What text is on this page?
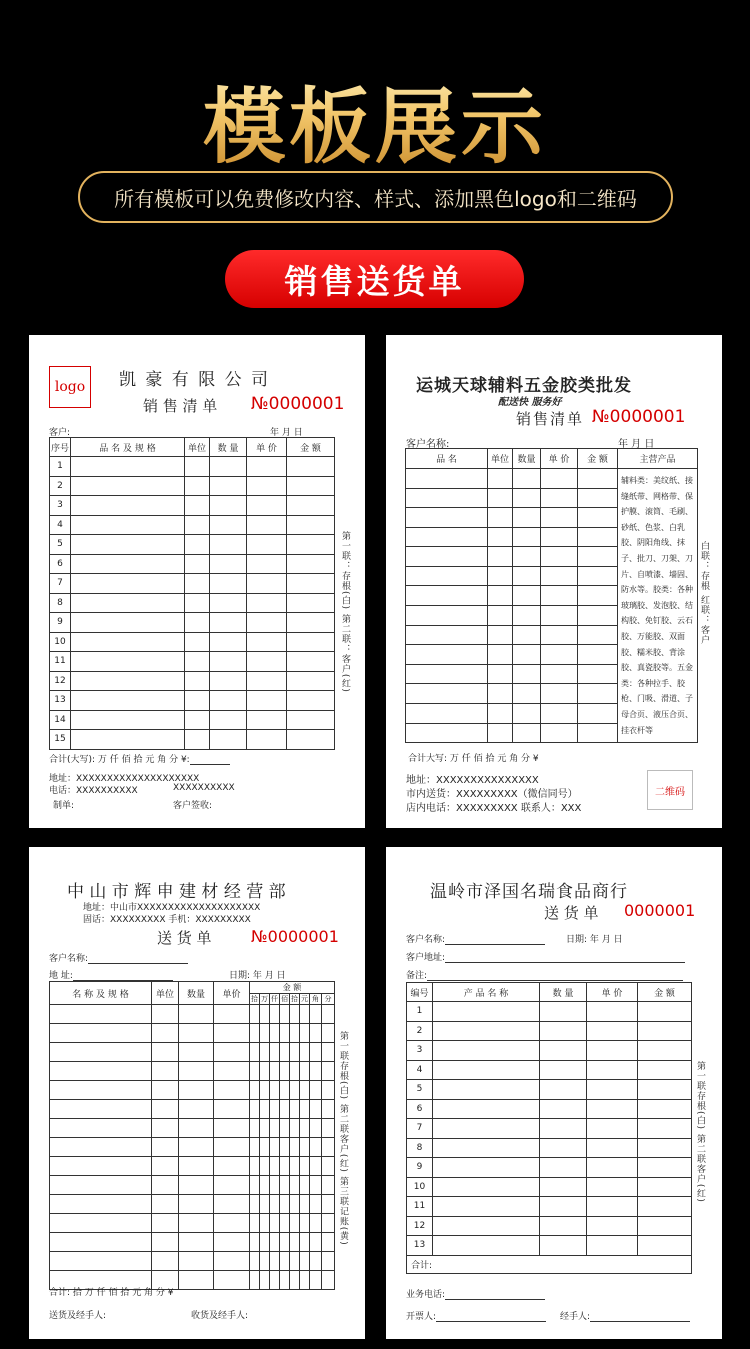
模板展示
所有模板可以免费修改内容、样式、添加黑色logo和二维码
销售送货单
logo 凯 豪 有 限 公 司
销 售 清 单 №0000001
客户:	年 月 日
序号	品 名 及 规 格	单位	数 量	单 价	金 额
1					
2					
3					
4					
5					
6					
7					
8					
9					
10					
11					
12					
13					
14					
15					
合计(大写): 万 仟 佰 拾 元 角 分 ¥:
地址：XXXXXXXXXXXXXXXXXXXX
电话：XXXXXXXXXX	XXXXXXXXXX
制单:	客户签收:
第一联：存根(白) 第二联：客户(红)
运城天球辅料五金胶类批发
配送快 服务好
销售清单 №0000001
客户名称:	年 月 日
品 名	单位	数量	单 价	金 额	主营产品
					辅料类：美纹纸、接缝纸带、网格带、保护膜、滚筒、毛刷、砂纸、色浆、白乳胶、阴阳角线、抹子、批刀、刀架、刀片、自喷漆、墙固、防水等。胶类：各种玻璃胶、发泡胶、结构胶、免钉胶、云石胶、万能胶、双面胶、糯米胶、背涂胶、真瓷胶等。五金类：各种拉手、胶枪、门吸、滑道、子母合页、液压合页、挂衣杆等

合计大写: 万 仟 佰 拾 元 角 分 ¥
地址：XXXXXXXXXXXXXXX
市内送货：XXXXXXXXX（微信同号）
店内电话：XXXXXXXXX 联系人：XXX
二维码
白联：存根 红联：客户
中 山 市 辉 申 建 材 经 营 部
地址：中山市XXXXXXXXXXXXXXXXXXXX
固话：XXXXXXXXX 手机：XXXXXXXXX
送 货 单 №0000001
客户名称:
地 址:	日期: 年 月 日
名 称 及 规 格	单位	数量	单价	金 额							
				拾	万	仟	佰	拾	元	角	分

合计: 拾 万 仟 佰 拾 元 角 分 ¥
送货及经手人:	收货及经手人:
第一联存根(白) 第二联客户(红) 第三联记账(黄)
温岭市泽国名瑞食品商行
送 货 单 0000001
客户名称:	日期: 年 月 日
客户地址:
备注:
编号	产 品 名 称	数 量	单 价	金 额
1				
2				
3				
4				
5				
6				
7				
8				
9				
10				
11				
12				
13				
合计:				
业务电话:
开票人:	经手人:
第一联存根(白) 第二联客户(红)
